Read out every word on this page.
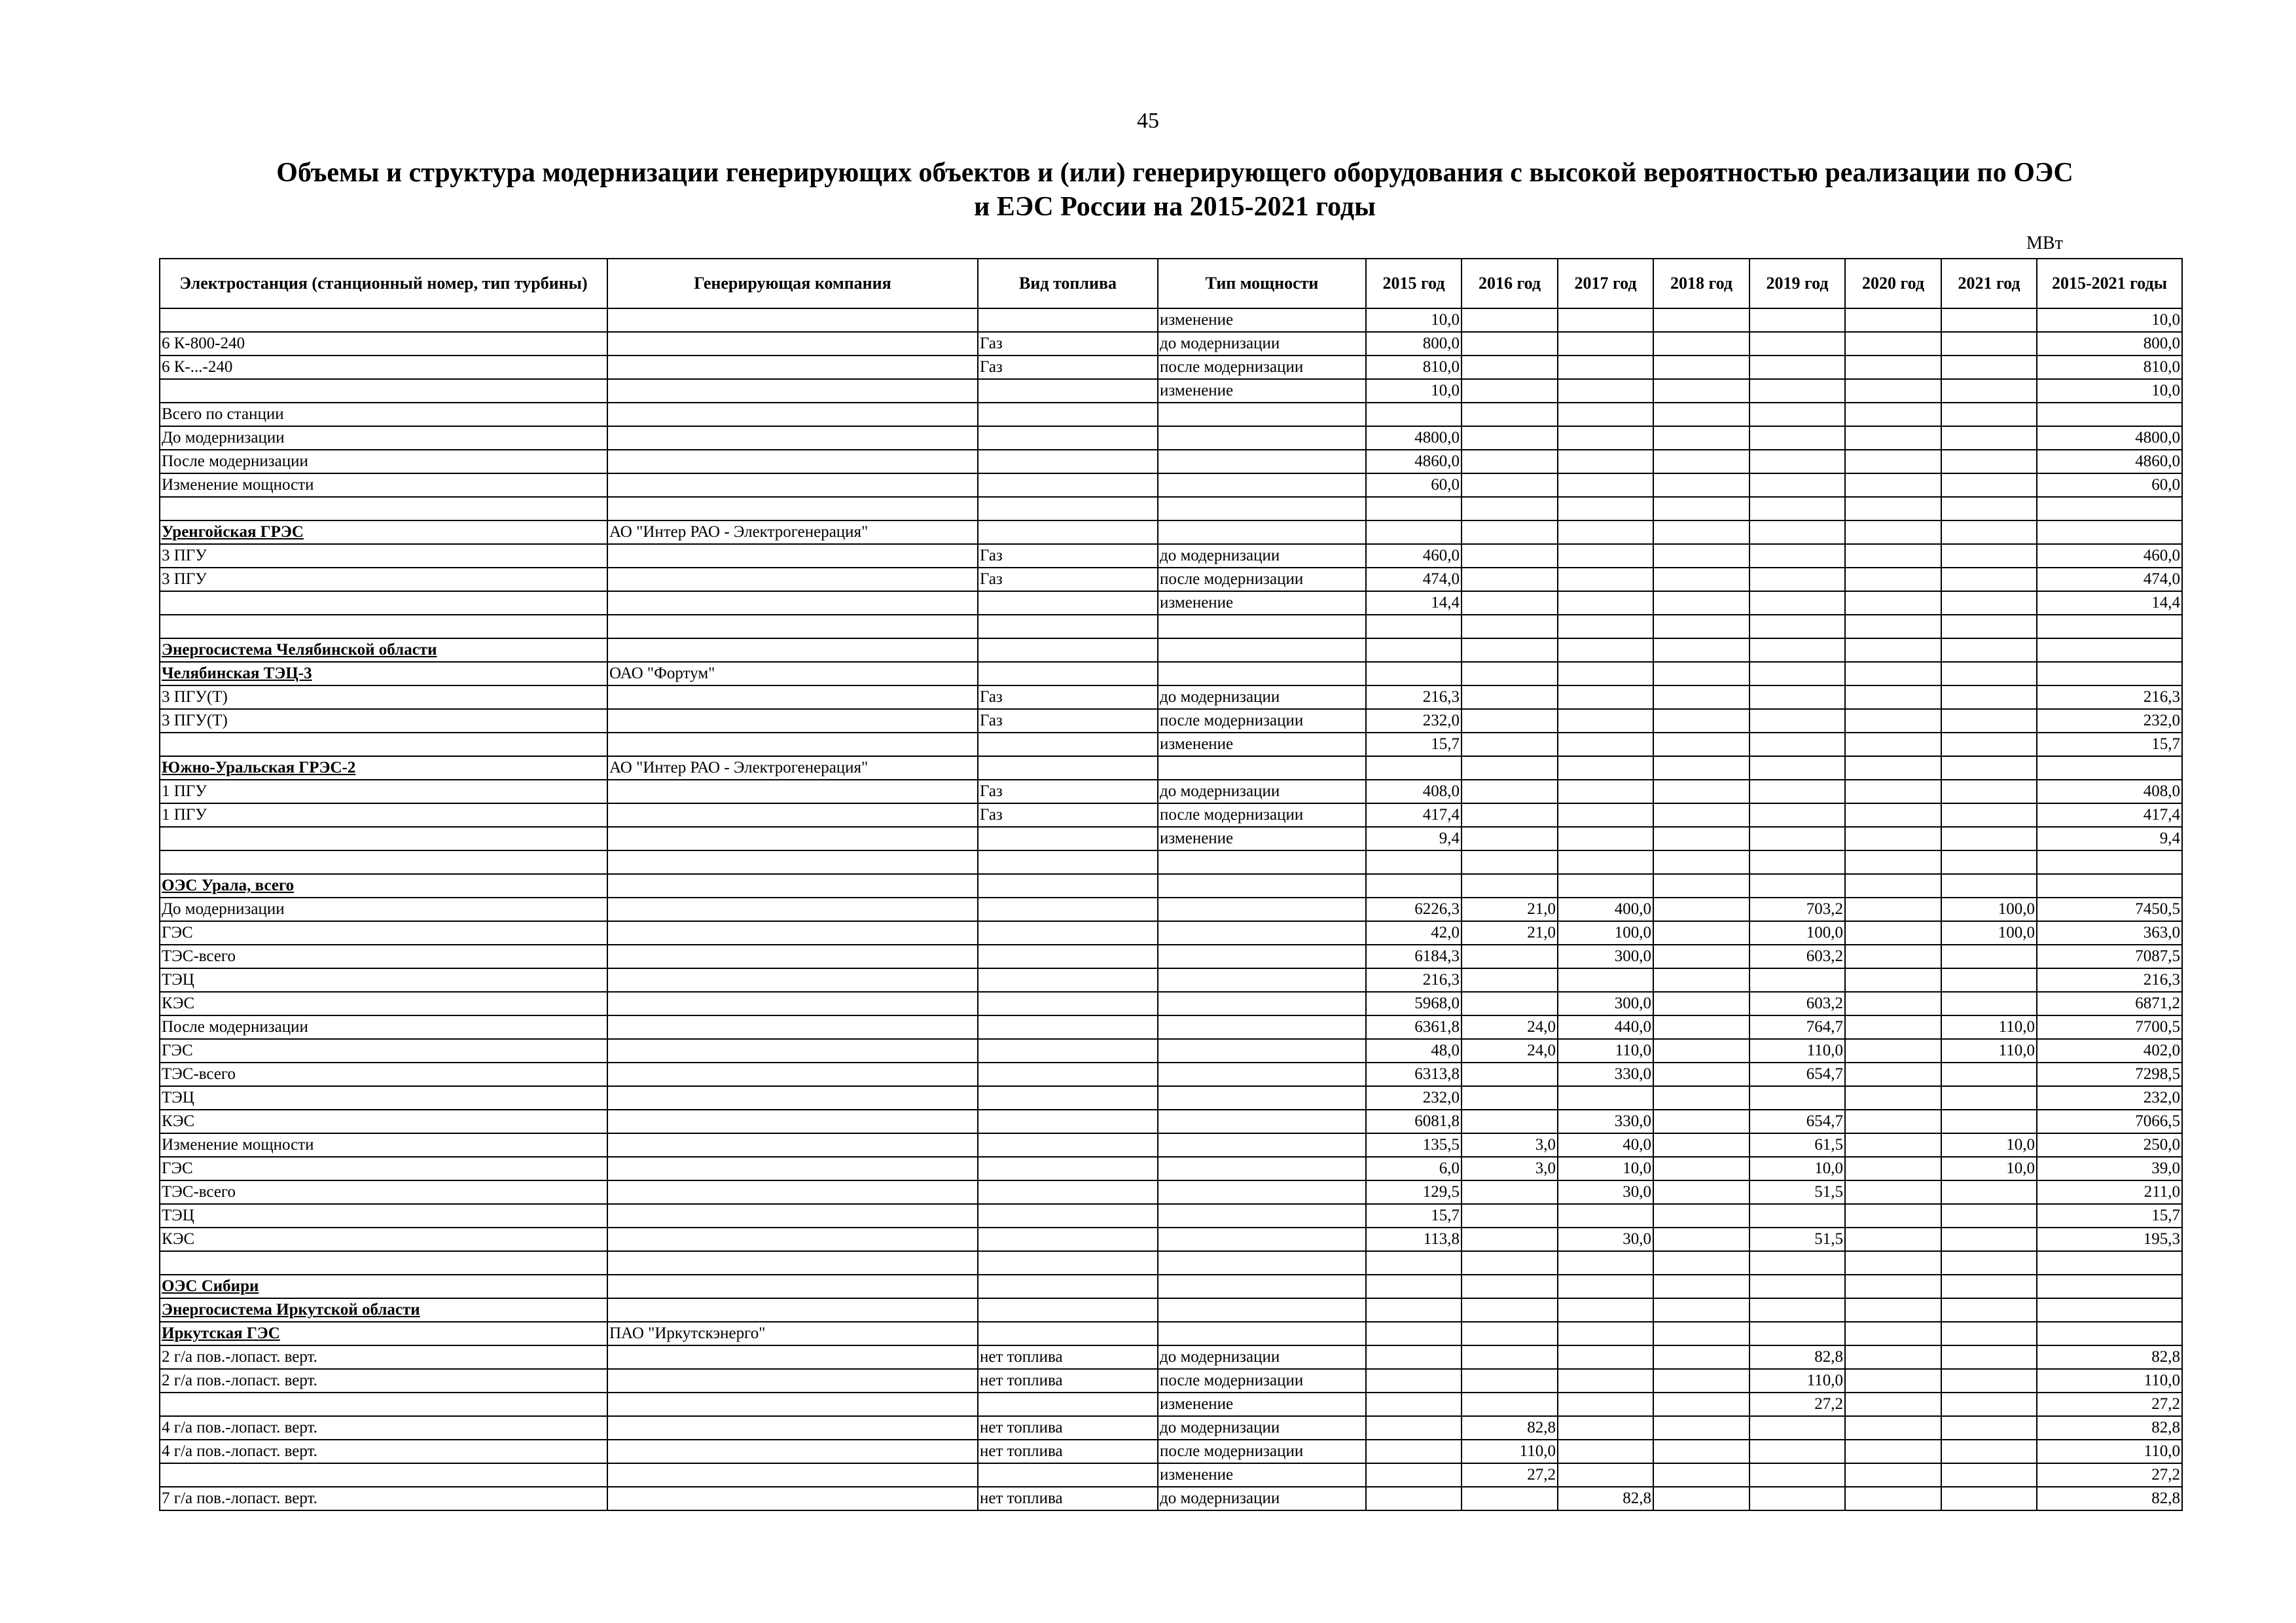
45
Объемы и структура модернизации генерирующих объектов и (или) генерирующего оборудования с высокой вероятностью реализации по ОЭС
и ЕЭС России на 2015-2021 годы
МВт
Электростанция (станционный номер, тип турбины)	Генерирующая компания	Вид топлива	Тип мощности	2015 год	2016 год	2017 год	2018 год	2019 год	2020 год	2021 год	2015-2021 годы
			изменение	10,0							10,0
6 К-800-240		Газ	до модернизации	800,0							800,0
6 К-...-240		Газ	после модернизации	810,0							810,0
			изменение	10,0							10,0
Всего по станции											
До модернизации				4800,0							4800,0
После модернизации				4860,0							4860,0
Изменение мощности				60,0							60,0

Уренгойская ГРЭС	АО "Интер РАО - Электрогенерация"										
3 ПГУ		Газ	до модернизации	460,0							460,0
3 ПГУ		Газ	после модернизации	474,0							474,0
			изменение	14,4							14,4

Энергосистема Челябинской области											
Челябинская ТЭЦ-3	ОАО "Фортум"										
3 ПГУ(Т)		Газ	до модернизации	216,3							216,3
3 ПГУ(Т)		Газ	после модернизации	232,0							232,0
			изменение	15,7							15,7
Южно-Уральская ГРЭС-2	АО "Интер РАО - Электрогенерация"										
1 ПГУ		Газ	до модернизации	408,0							408,0
1 ПГУ		Газ	после модернизации	417,4							417,4
			изменение	9,4							9,4

ОЭС Урала, всего											
До модернизации				6226,3	21,0	400,0		703,2		100,0	7450,5
ГЭС				42,0	21,0	100,0		100,0		100,0	363,0
ТЭС-всего				6184,3		300,0		603,2			7087,5
ТЭЦ				216,3							216,3
КЭС				5968,0		300,0		603,2			6871,2
После модернизации				6361,8	24,0	440,0		764,7		110,0	7700,5
ГЭС				48,0	24,0	110,0		110,0		110,0	402,0
ТЭС-всего				6313,8		330,0		654,7			7298,5
ТЭЦ				232,0							232,0
КЭС				6081,8		330,0		654,7			7066,5
Изменение мощности				135,5	3,0	40,0		61,5		10,0	250,0
ГЭС				6,0	3,0	10,0		10,0		10,0	39,0
ТЭС-всего				129,5		30,0		51,5			211,0
ТЭЦ				15,7							15,7
КЭС				113,8		30,0		51,5			195,3

ОЭС Сибири											
Энергосистема Иркутской области											
Иркутская ГЭС	ПАО "Иркутскэнерго"										
2 г/а пов.-лопаст. верт.		нет топлива	до модернизации					82,8			82,8
2 г/а пов.-лопаст. верт.		нет топлива	после модернизации					110,0			110,0
			изменение					27,2			27,2
4 г/а пов.-лопаст. верт.		нет топлива	до модернизации		82,8						82,8
4 г/а пов.-лопаст. верт.		нет топлива	после модернизации		110,0						110,0
			изменение		27,2						27,2
7 г/а пов.-лопаст. верт.		нет топлива	до модернизации			82,8					82,8
